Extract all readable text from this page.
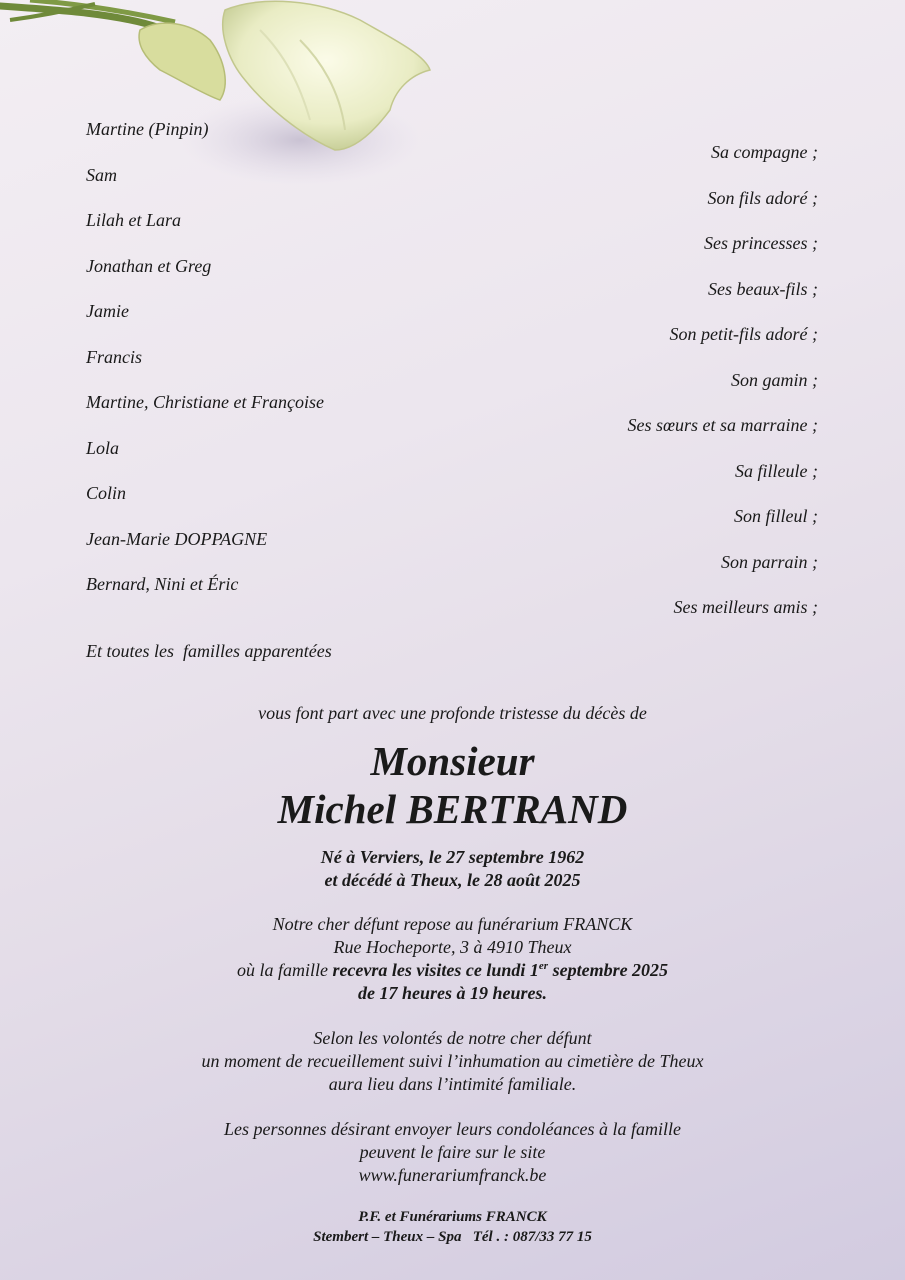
Martine (Pinpin)
Sam
Lilah et Lara
Jonathan et Greg
Jamie
Francis
Martine, Christiane et Françoise
Lola
Colin
Jean-Marie DOPPAGNE
Bernard, Nini et Éric
Sa compagne ;
Son fils adoré ;
Ses princesses ;
Ses beaux-fils ;
Son petit-fils adoré ;
Son gamin ;
Ses sœurs et sa marraine ;
Sa filleule ;
Son filleul ;
Son parrain ;
Ses meilleurs amis ;
Et toutes les  familles apparentées
vous font part avec une profonde tristesse du décès de
Monsieur
Michel BERTRAND
Né à Verviers, le 27 septembre 1962
et décédé à Theux, le 28 août 2025
Notre cher défunt repose au funérarium FRANCK
Rue Hocheporte, 3 à 4910 Theux
où la famille recevra les visites ce lundi 1er septembre 2025
de 17 heures à 19 heures.
Selon les volontés de notre cher défunt
un moment de recueillement suivi l’inhumation au cimetière de Theux
aura lieu dans l’intimité familiale.
Les personnes désirant envoyer leurs condoléances à la famille
peuvent le faire sur le site
www.funerariumfranck.be
P.F. et Funérariums FRANCK
Stembert – Theux – Spa   Tél . : 087/33 77 15
